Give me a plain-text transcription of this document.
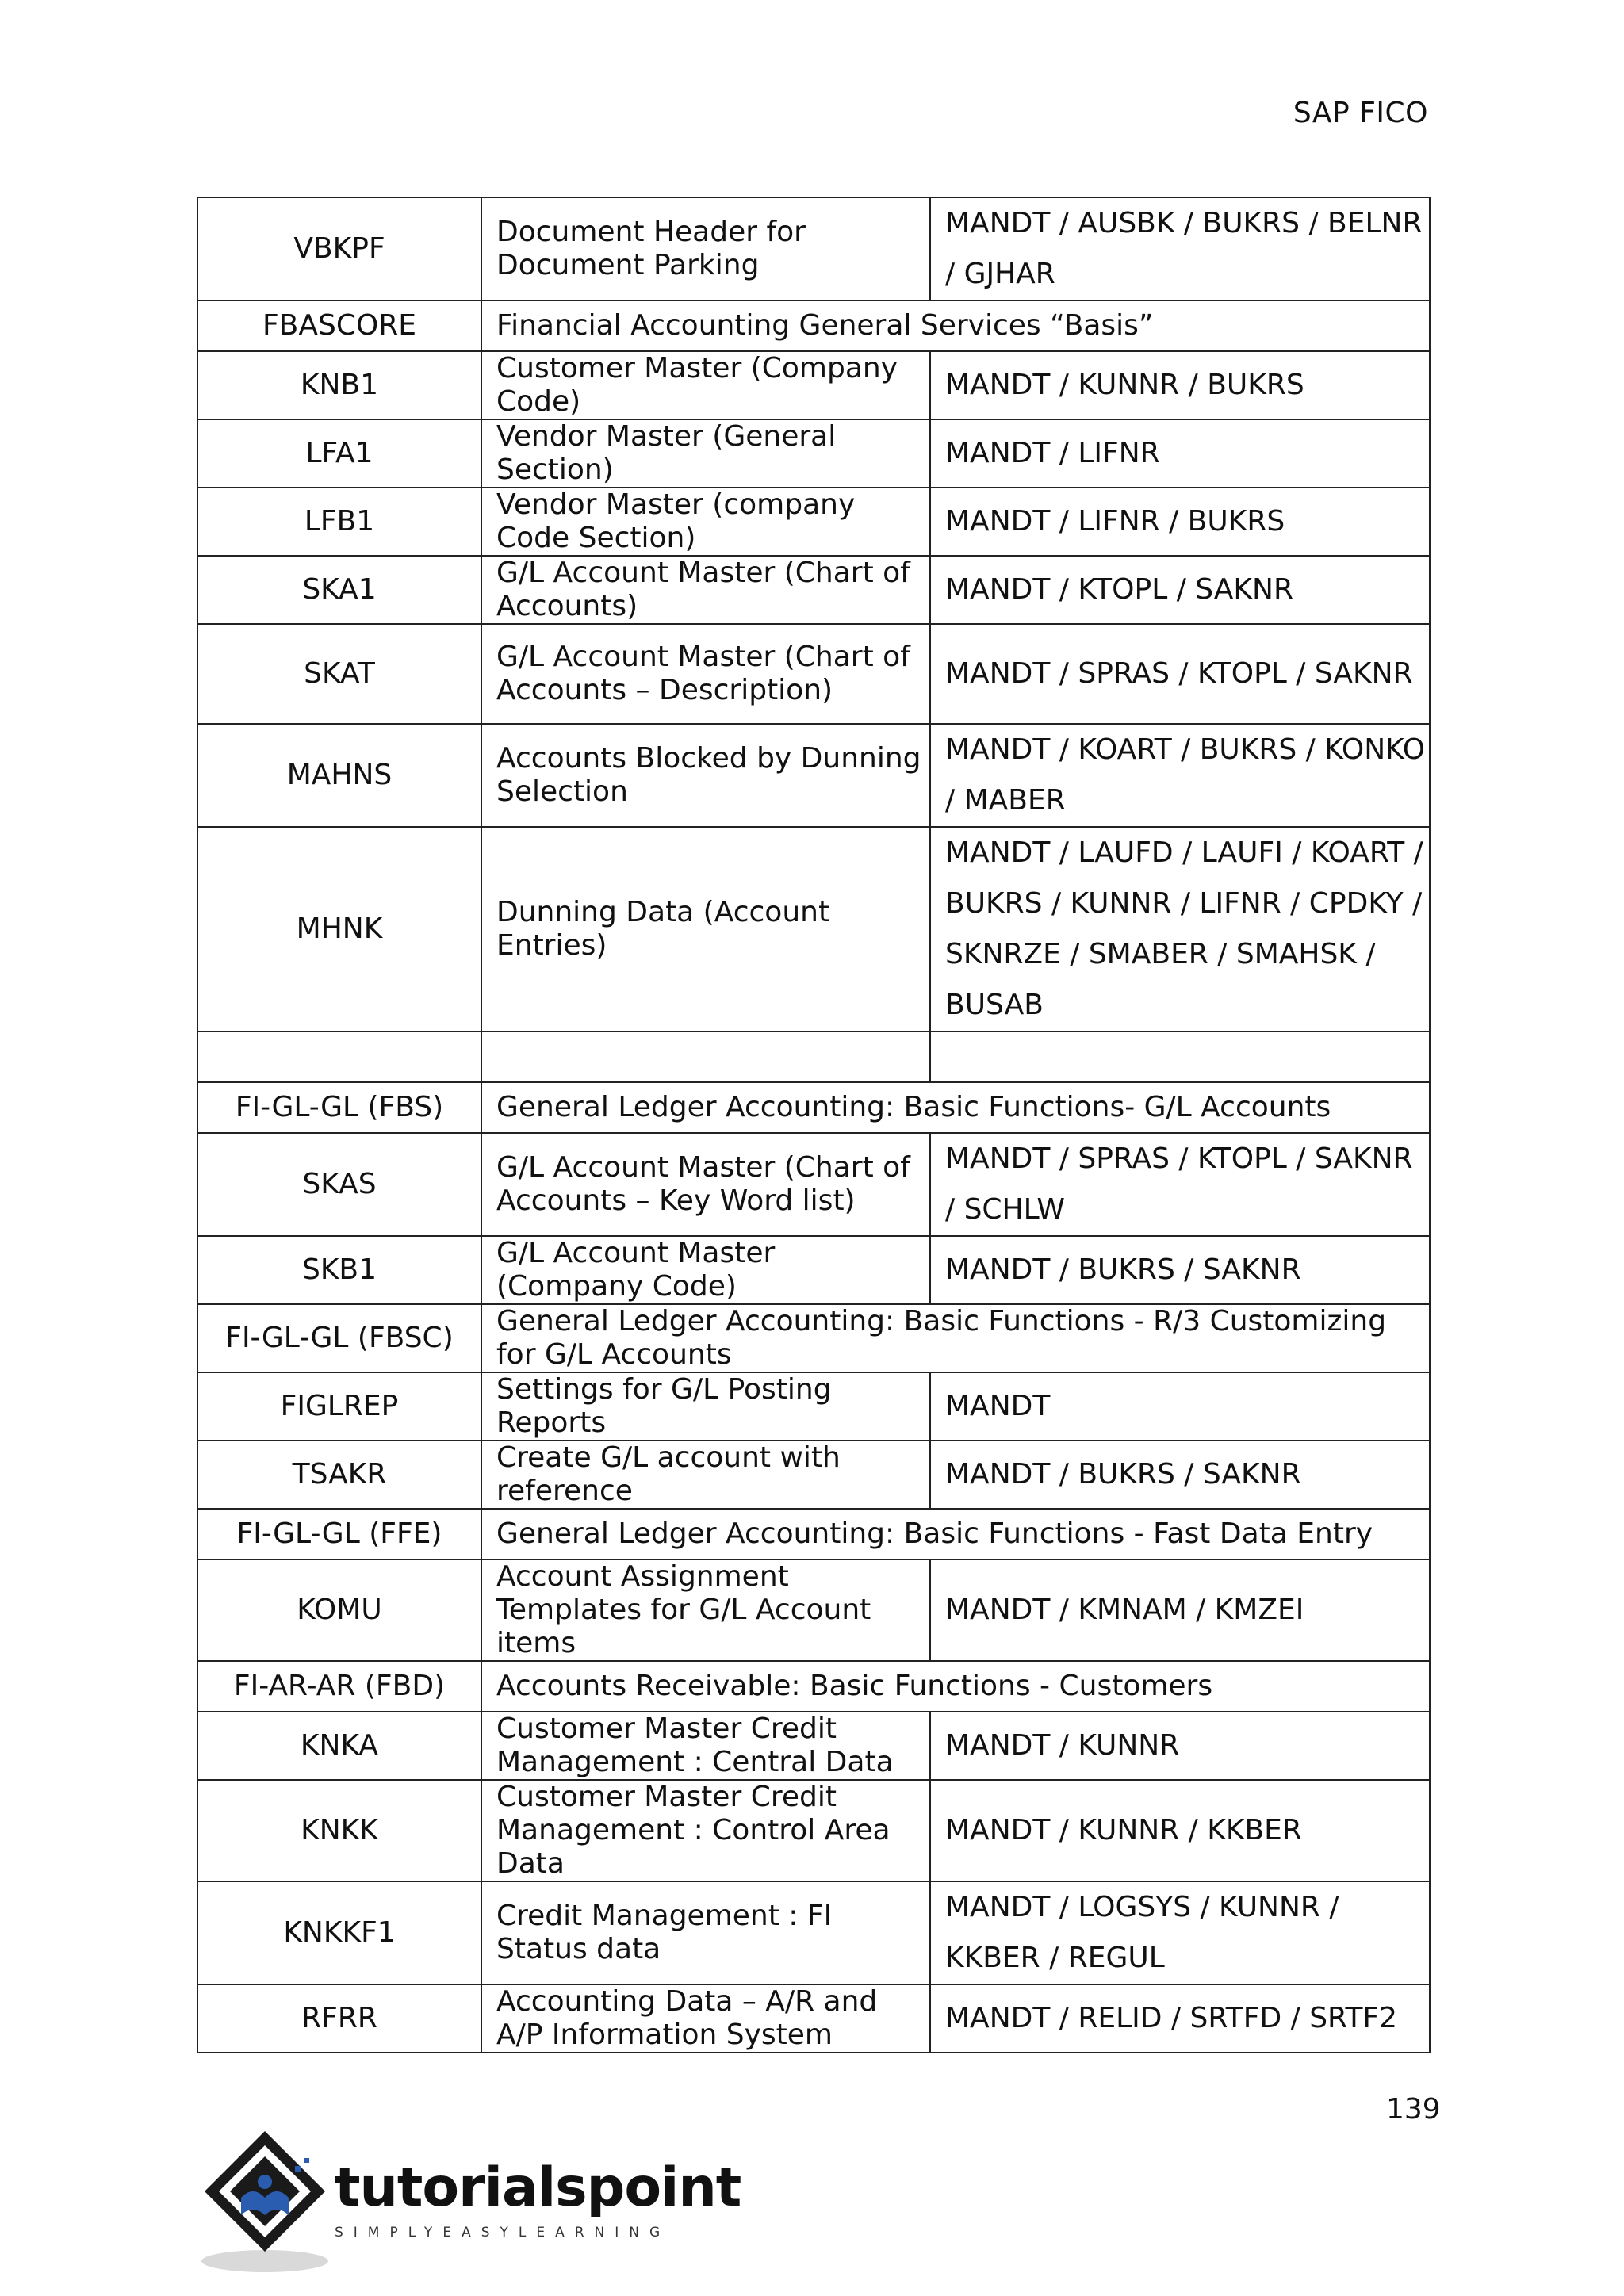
SAP FICO
VBKPF	Document Header for Document Parking	MANDT / AUSBK / BUKRS / BELNR / GJHAR
FBASCORE	Financial Accounting General Services “Basis”	
KNB1	Customer Master (Company Code)	MANDT / KUNNR / BUKRS
LFA1	Vendor Master (General Section)	MANDT / LIFNR
LFB1	Vendor Master (company Code Section)	MANDT / LIFNR / BUKRS
SKA1	G/L Account Master (Chart of Accounts)	MANDT / KTOPL / SAKNR
SKAT	G/L Account Master (Chart of Accounts – Description)	MANDT / SPRAS / KTOPL / SAKNR
MAHNS	Accounts Blocked by Dunning Selection	MANDT / KOART / BUKRS / KONKO / MABER
MHNK	Dunning Data (Account Entries)	MANDT / LAUFD / LAUFI / KOART / BUKRS / KUNNR / LIFNR / CPDKY / SKNRZE / SMABER / SMAHSK / BUSAB

FI-GL-GL (FBS)	General Ledger Accounting: Basic Functions- G/L Accounts	
SKAS	G/L Account Master (Chart of Accounts – Key Word list)	MANDT / SPRAS / KTOPL / SAKNR / SCHLW
SKB1	G/L Account Master (Company Code)	MANDT / BUKRS / SAKNR
FI-GL-GL (FBSC)	General Ledger Accounting: Basic Functions - R/3 Customizing for G/L Accounts	
FIGLREP	Settings for G/L Posting Reports	MANDT
TSAKR	Create G/L account with reference	MANDT / BUKRS / SAKNR
FI-GL-GL (FFE)	General Ledger Accounting: Basic Functions - Fast Data Entry	
KOMU	Account Assignment Templates for G/L Account items	MANDT / KMNAM / KMZEI
FI-AR-AR (FBD)	Accounts Receivable: Basic Functions - Customers	
KNKA	Customer Master Credit Management : Central Data	MANDT / KUNNR
KNKK	Customer Master Credit Management : Control Area Data	MANDT / KUNNR / KKBER
KNKKF1	Credit Management : FI Status data	MANDT / LOGSYS / KUNNR / KKBER / REGUL
RFRR	Accounting Data – A/R and A/P Information System	MANDT / RELID / SRTFD / SRTF2
139
tutorialspoint
SIMPLYEASYLEARNING
